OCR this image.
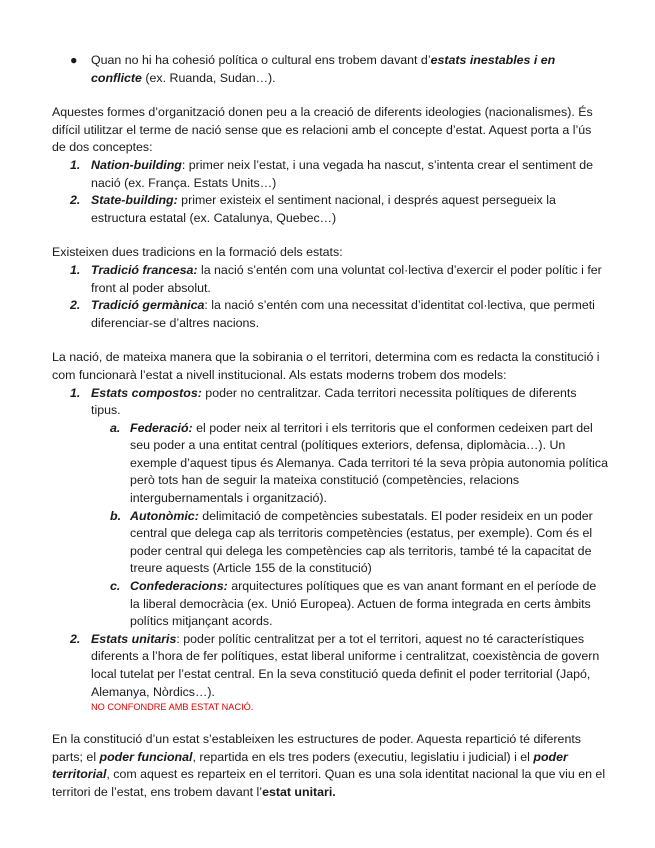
● Quan no hi ha cohesió política o cultural ens trobem davant d’estats inestables i en conflicte (ex. Ruanda, Sudan…).

Aquestes formes d’organització donen peu a la creació de diferents ideologies (nacionalismes). És difícil utilitzar el terme de nació sense que es relacioni amb el concepte d’estat. Aquest porta a l’ús de dos conceptes:

1. Nation-building: primer neix l’estat, i una vegada ha nascut, s’intenta crear el sentiment de nació (ex. França. Estats Units…)

2. State-building: primer existeix el sentiment nacional, i després aquest persegueix la estructura estatal (ex. Catalunya, Quebec…)

Existeixen dues tradicions en la formació dels estats:

1. Tradició francesa: la nació s’entén com una voluntat col·lectiva d’exercir el poder polític i fer front al poder absolut.

2. Tradició germànica: la nació s’entén com una necessitat d’identitat col·lectiva, que permeti diferenciar-se d’altres nacions.

La nació, de mateixa manera que la sobirania o el territori, determina com es redacta la constitució i com funcionarà l’estat a nivell institucional. Als estats moderns trobem dos models:

1. Estats compostos: poder no centralitzar. Cada territori necessita polítiques de diferents tipus.

a. Federació: el poder neix al territori i els territoris que el conformen cedeixen part del seu poder a una entitat central (polítiques exteriors, defensa, diplomàcia…). Un exemple d’aquest tipus és Alemanya. Cada territori té la seva pròpia autonomia política però tots han de seguir la mateixa constitució (competències, relacions intergubernamentals i organització).

b. Autonòmic: delimitació de competències subestatals. El poder resideix en un poder central que delega cap als territoris competències (estatus, per exemple). Com és el poder central qui delega les competències cap als territoris, també té la capacitat de treure aquests (Article 155 de la constitució)

c. Confederacions: arquitectures polítiques que es van anant formant en el període de la liberal democràcia (ex. Unió Europea). Actuen de forma integrada en certs àmbits polítics mitjançant acords.

2. Estats unitaris: poder polític centralitzat per a tot el territori, aquest no té característiques diferents a l’hora de fer polítiques, estat liberal uniforme i centralitzat, coexistència de govern local tutelat per l’estat central. En la seva constitució queda definit el poder territorial (Japó, Alemanya, Nòrdics…).

NO CONFONDRE AMB ESTAT NACIÓ.

En la constitució d’un estat s’estableixen les estructures de poder. Aquesta repartició té diferents parts; el poder funcional, repartida en els tres poders (executiu, legislatiu i judicial) i el poder territorial, com aquest es reparteix en el territori. Quan es una sola identitat nacional la que viu en el territori de l’estat, ens trobem davant l’estat unitari.
